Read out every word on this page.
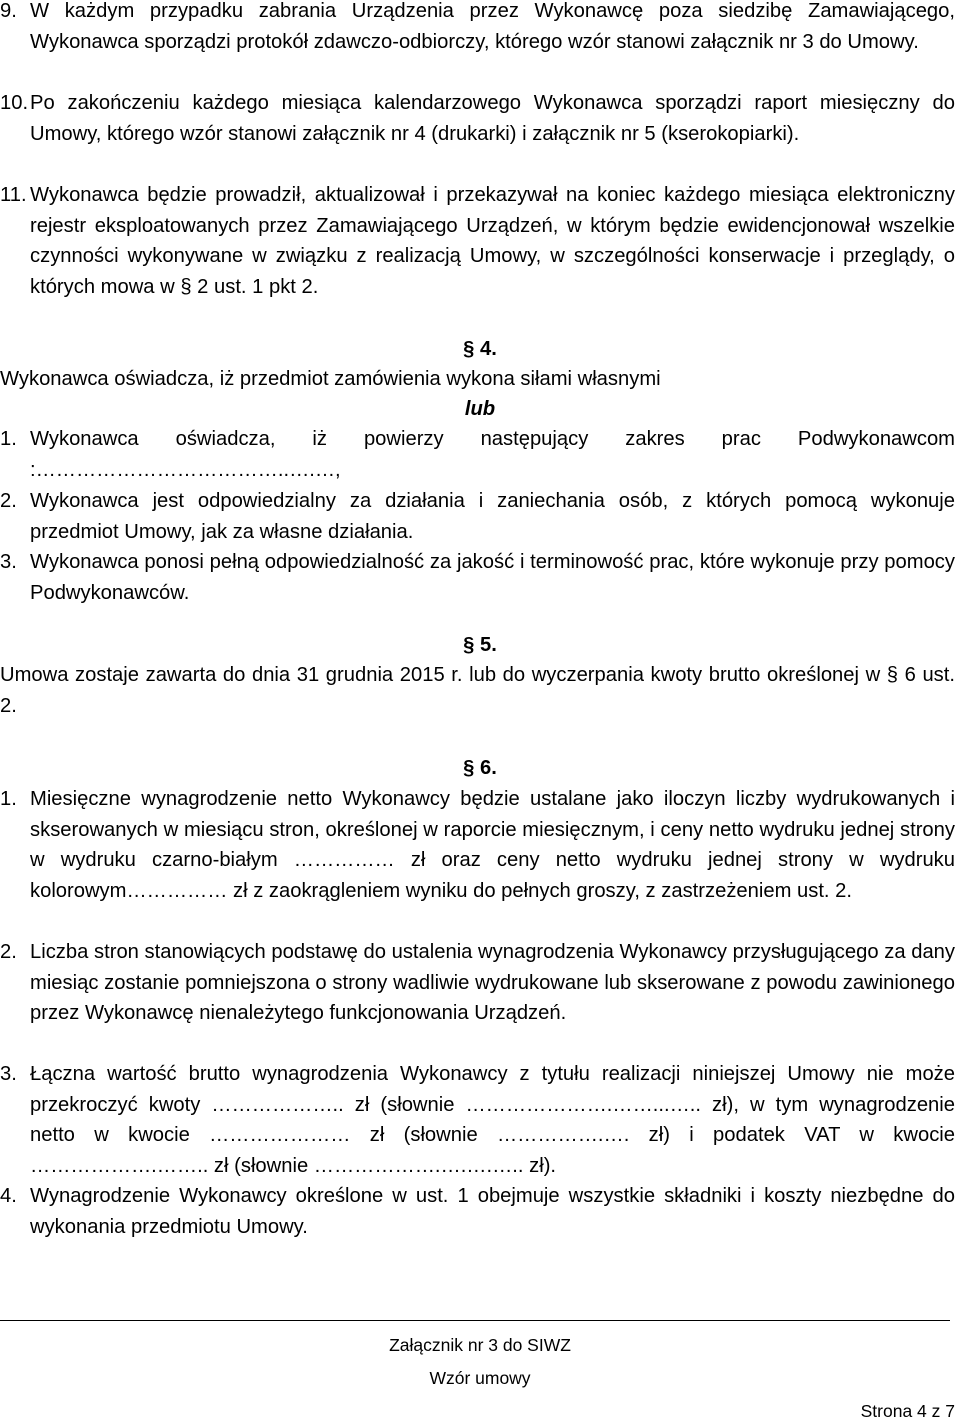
9. W każdym przypadku zabrania Urządzenia przez Wykonawcę poza siedzibę Zamawiającego, Wykonawca sporządzi protokół zdawczo-odbiorczy, którego wzór stanowi załącznik nr 3 do Umowy.
10. Po zakończeniu każdego miesiąca kalendarzowego Wykonawca sporządzi raport miesięczny do Umowy, którego wzór stanowi załącznik nr 4 (drukarki) i załącznik nr 5 (kserokopiarki).
11. Wykonawca będzie prowadził, aktualizował i przekazywał na koniec każdego miesiąca elektroniczny rejestr eksploatowanych przez Zamawiającego Urządzeń, w którym będzie ewidencjonował wszelkie czynności wykonywane w związku z realizacją Umowy, w szczególności konserwacje i przeglądy, o których mowa w § 2 ust. 1 pkt 2.
§ 4.
Wykonawca oświadcza, iż przedmiot zamówienia wykona siłami własnymi
lub
1. Wykonawca oświadcza, iż powierzy następujący zakres prac Podwykonawcom :………………………………..….…,
2. Wykonawca jest odpowiedzialny za działania i zaniechania osób, z których pomocą wykonuje przedmiot Umowy, jak za własne działania.
3. Wykonawca ponosi pełną odpowiedzialność za jakość i terminowość prac, które wykonuje przy pomocy Podwykonawców.
§ 5.
Umowa zostaje zawarta do dnia 31 grudnia 2015 r. lub do wyczerpania kwoty brutto określonej w § 6 ust. 2.
§ 6.
1. Miesięczne wynagrodzenie netto Wykonawcy będzie ustalane jako iloczyn liczby wydrukowanych i skserowanych w miesiącu stron, określonej w raporcie miesięcznym, i ceny netto wydruku jednej strony w wydruku czarno-białym …………… zł oraz ceny netto wydruku jednej strony w wydruku kolorowym…………… zł z zaokrągleniem wyniku do pełnych groszy, z zastrzeżeniem ust. 2.
2. Liczba stron stanowiących podstawę do ustalenia wynagrodzenia Wykonawcy przysługującego za dany miesiąc zostanie pomniejszona o strony wadliwie wydrukowane lub skserowane z powodu zawinionego przez Wykonawcę nienależytego funkcjonowania Urządzeń.
3. Łączna wartość brutto wynagrodzenia Wykonawcy z tytułu realizacji niniejszej Umowy nie może przekroczyć kwoty ……………….. zł (słownie ………………….……...….. zł), w tym wynagrodzenie netto w kwocie ………………… zł (słownie …………….…. zł) i podatek VAT w kwocie ……………….…….. zł (słownie ……………….….….….. zł).
4. Wynagrodzenie Wykonawcy określone w ust. 1 obejmuje wszystkie składniki i koszty niezbędne do wykonania przedmiotu Umowy.
Załącznik nr 3 do SIWZ
Wzór umowy
Strona 4 z 7
